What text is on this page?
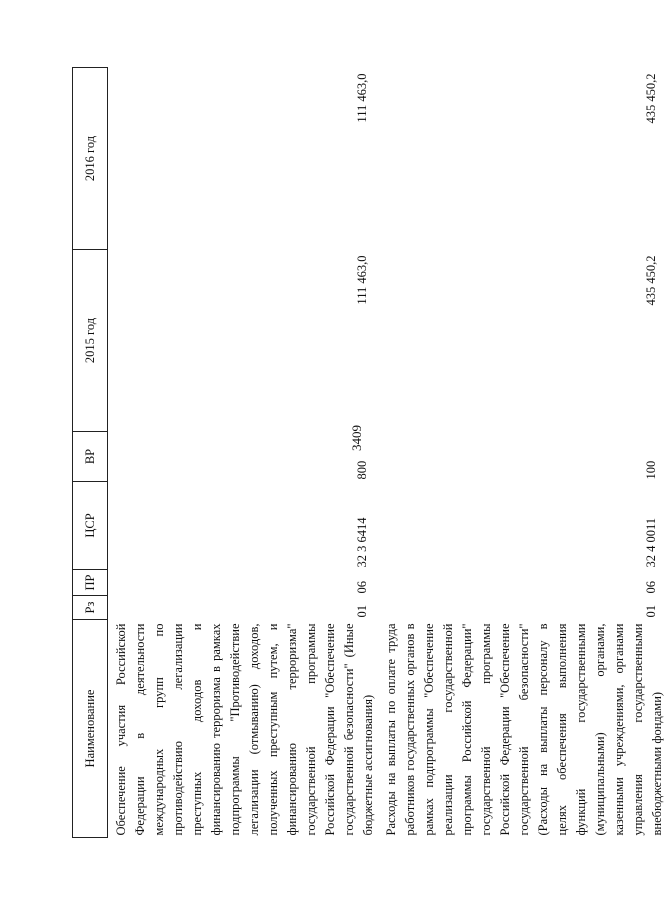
3409
Наименование	Рз	ПР	ЦСР	ВР	2015 год	2016 год
Обеспечение участия Российской Федерации в деятельности международных групп по противодействию легализации преступных доходов и финансированию терроризма в рамках подпрограммы "Противодействие легализации (отмыванию) доходов, полученных преступным путем, и финансированию терроризма" государственной программы Российской Федерации "Обеспечение государственной безопасности" (Иные бюджетные ассигнования)	01	06	32 3 6414	800	111 463,0	111 463,0
Расходы на выплаты по оплате труда работников государственных органов в рамках подпрограммы "Обеспечение реализации государственной программы Российской Федерации" государственной программы Российской Федерации "Обеспечение государственной безопасности" (Расходы на выплаты персоналу в целях обеспечения выполнения функций государственными (муниципальными) органами, казенными учреждениями, органами управления государственными внебюджетными фондами)	01	06	32 4 0011	100	435 450,2	435 450,2
